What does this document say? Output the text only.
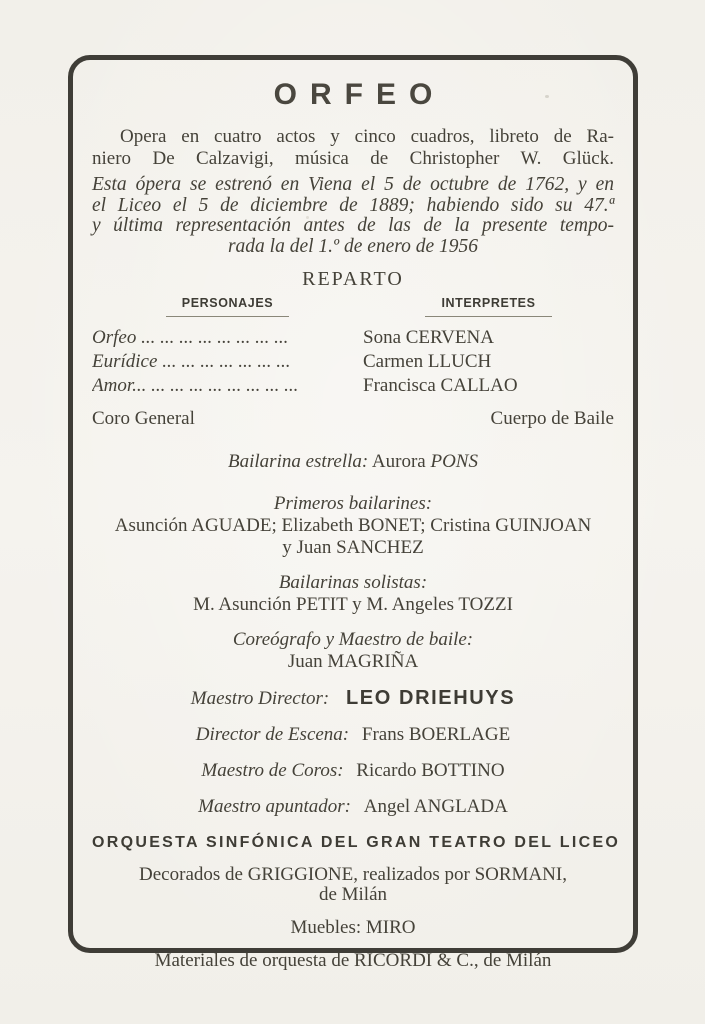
ORFEO

Opera en cuatro actos y cinco cuadros, libreto de Ra-
niero De Calzavigi, música de Christopher W. Glück.

Esta ópera se estrenó en Viena el 5 de octubre de 1762, y en
el Liceo el 5 de diciembre de 1889; habiendo sido su 47.ª
y última representación antes de las de la presente tempo-
rada la del 1.º de enero de 1956

REPARTO
PERSONAJES	INTERPRETES
Orfeo ... ... ... ... ... ... ... ...	Sona CERVENA
Eurídice ... ... ... ... ... ... ...	Carmen LLUCH
Amor... ... ... ... ... ... ... ... ...	Francisca CALLAO
Coro General	Cuerpo de Baile
Bailarina estrella: Aurora PONS
Primeros bailarines:
Asunción AGUADE; Elizabeth BONET; Cristina GUINJOAN
y Juan SANCHEZ
Bailarinas solistas:
M. Asunción PETIT y M. Angeles TOZZI
Coreógrafo y Maestro de baile:
Juan MAGRIÑA
Maestro Director: LEO DRIEHUYS
Director de Escena: Frans BOERLAGE
Maestro de Coros: Ricardo BOTTINO
Maestro apuntador: Angel ANGLADA
ORQUESTA SINFÓNICA DEL GRAN TEATRO DEL LICEO
Decorados de GRIGGIONE, realizados por SORMANI,
de Milán
Muebles: MIRO
Materiales de orquesta de RICORDI & C., de Milán
